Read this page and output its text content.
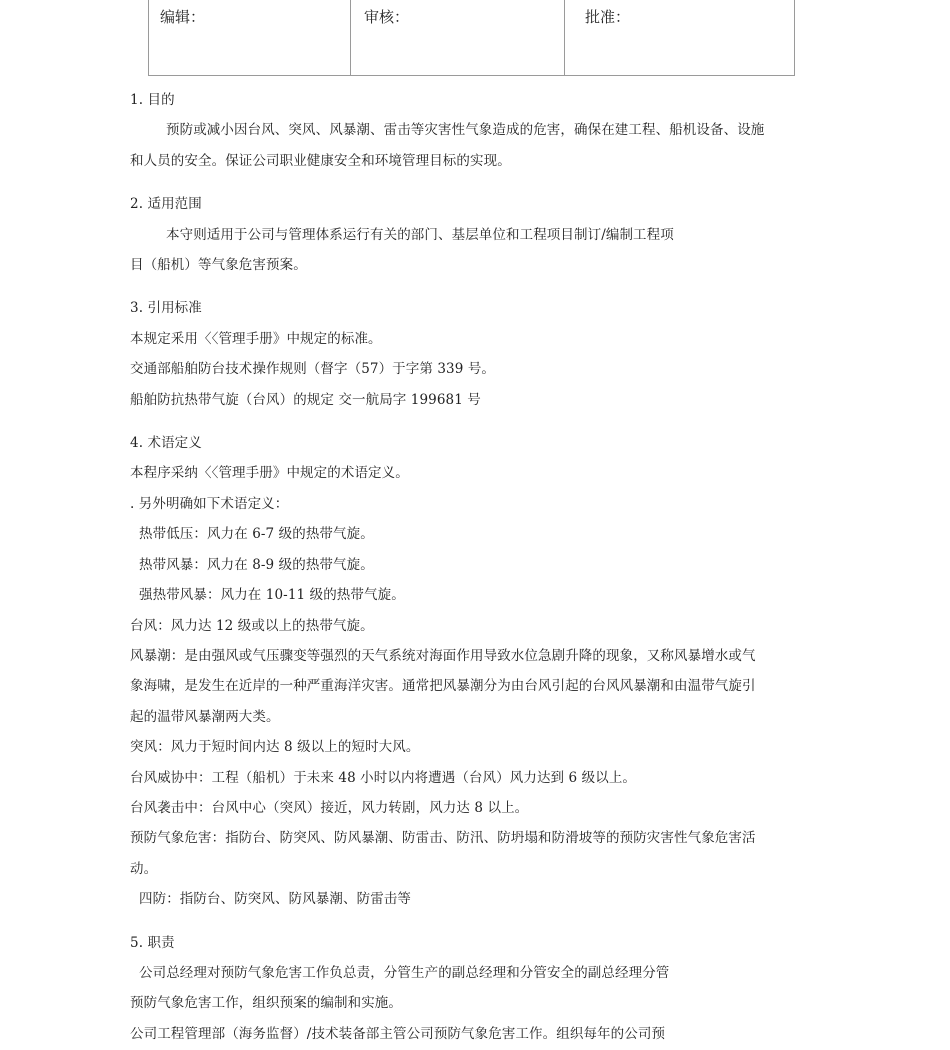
编辑：	审核：	批准：
1. 目的
预防或减小因台风、突风、风暴潮、雷击等灾害性气象造成的危害，确保在建工程、船机设备、设施
和人员的安全。保证公司职业健康安全和环境管理目标的实现。
2. 适用范围
本守则适用于公司与管理体系运行有关的部门、基层单位和工程项目制订/编制工程项
目（船机）等气象危害预案。
3. 引用标准
本规定釆用〈〈管理手册》中规定的标准。
交通部船舶防台技术操作规则（督字（57）于字第 339 号。
船舶防抗热带气旋（台风）的规定 交一航局字 199681 号
4. 术语定义
本程序采纳〈〈管理手册》中规定的术语定义。
. 另外明确如下术语定义：
热带低压：风力在 6-7 级的热带气旋。
热带风暴：风力在 8-9 级的热带气旋。
强热带风暴：风力在 10-11 级的热带气旋。
台风：风力达 12 级或以上的热带气旋。
风暴潮：是由强风或气压骤变等强烈的天气系统对海面作用导致水位急剧升降的现象，又称风暴增水或气
象海啸，是发生在近岸的一种严重海洋灾害。通常把风暴潮分为由台风引起的台风风暴潮和由温带气旋引
起的温带风暴潮两大类。
突风：风力于短时间内达 8 级以上的短时大风。
台风威协中：工程（船机）于未来 48 小时以内将遭遇（台风）风力达到 6 级以上。
台风袭击中：台风中心（突风）接近，风力转剧，风力达 8 以上。
预防气象危害：指防台、防突风、防风暴潮、防雷击、防汛、防坍塌和防滑坡等的预防灾害性气象危害活
动。
四防：指防台、防突风、防风暴潮、防雷击等
5. 职责
公司总经理对预防气象危害工作负总责，分管生产的副总经理和分管安全的副总经理分管
预防气象危害工作，组织预案的编制和实施。
公司工程管理部（海务监督）/技术装备部主管公司预防气象危害工作。组织每年的公司预
